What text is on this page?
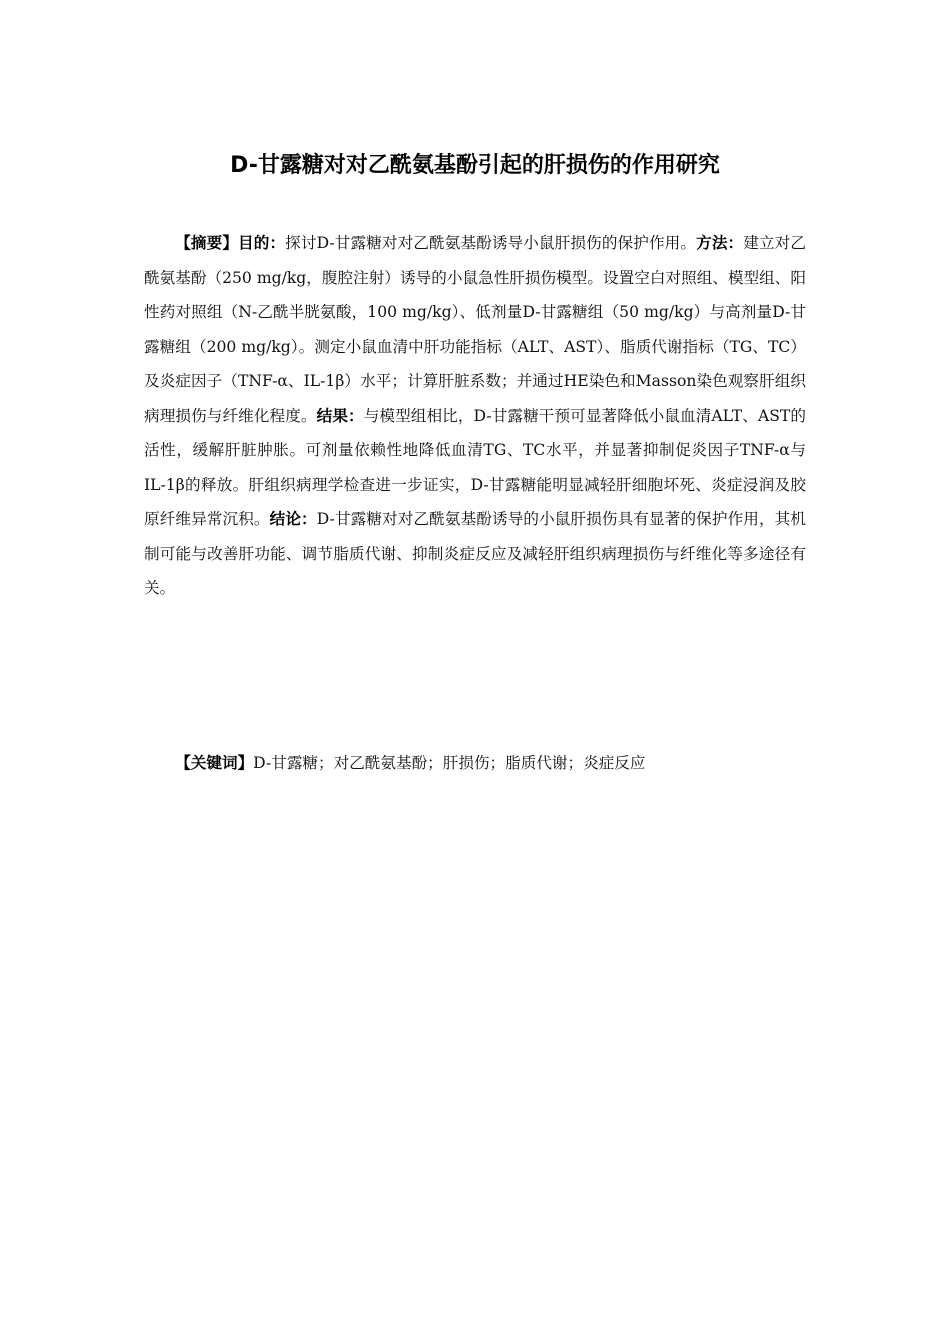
D-甘露糖对对乙酰氨基酚引起的肝损伤的作用研究
【摘要】目的：探讨D-甘露糖对对乙酰氨基酚诱导小鼠肝损伤的保护作用。方法：建立对乙酰氨基酚（250 mg/kg，腹腔注射）诱导的小鼠急性肝损伤模型。设置空白对照组、模型组、阳性药对照组（N-乙酰半胱氨酸，100 mg/kg）、低剂量D-甘露糖组（50 mg/kg）与高剂量D-甘露糖组（200 mg/kg）。测定小鼠血清中肝功能指标（ALT、AST）、脂质代谢指标（TG、TC）及炎症因子（TNF-α、IL-1β）水平；计算肝脏系数；并通过HE染色和Masson染色观察肝组织病理损伤与纤维化程度。结果：与模型组相比，D-甘露糖干预可显著降低小鼠血清ALT、AST的活性，缓解肝脏肿胀。可剂量依赖性地降低血清TG、TC水平，并显著抑制促炎因子TNF-α与IL-1β的释放。肝组织病理学检查进一步证实，D-甘露糖能明显减轻肝细胞坏死、炎症浸润及胶原纤维异常沉积。结论：D-甘露糖对对乙酰氨基酚诱导的小鼠肝损伤具有显著的保护作用，其机制可能与改善肝功能、调节脂质代谢、抑制炎症反应及减轻肝组织病理损伤与纤维化等多途径有关。
【关键词】D-甘露糖；对乙酰氨基酚；肝损伤；脂质代谢；炎症反应
